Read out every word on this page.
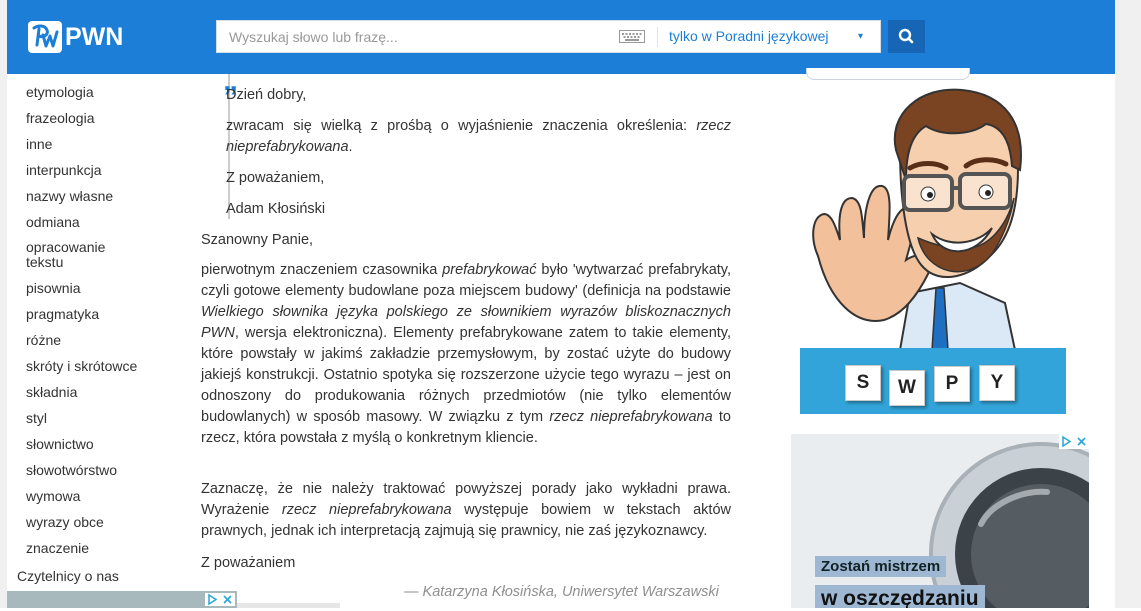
PWN
Wyszukaj słowo lub frazę...	tylko w Poradni językowej	▾
etymologia
frazeologia
inne
interpunkcja
nazwy własne
odmiana
opracowanie tekstu
pisownia
pragmatyka
różne
skróty i skrótowce
składnia
styl
słownictwo
słowotwórstwo
wymowa
wyrazy obce
znaczenie
Czytelnicy o nas
„
Dzień dobry,
zwracam się wielką z prośbą o wyjaśnienie znaczenia określenia: rzecz nieprefabrykowana.
Z poważaniem,
Adam Kłosiński
Szanowny Panie,
pierwotnym znaczeniem czasownika prefabrykować było 'wytwarzać prefabrykaty, czyli gotowe elementy budowlane poza miejscem budowy' (definicja na podstawie Wielkiego słownika języka polskiego ze słownikiem wyrazów bliskoznacznych PWN, wersja elektroniczna). Elementy prefabrykowane zatem to takie elementy, które powstały w jakimś zakładzie przemysłowym, by zostać użyte do budowy jakiejś konstrukcji. Ostatnio spotyka się rozszerzone użycie tego wyrazu – jest on odnoszony do produkowania różnych przedmiotów (nie tylko elementów budowlanych) w sposób masowy. W związku z tym rzecz nieprefabrykowana to rzecz, która powstała z myślą o konkretnym kliencie.
Zaznaczę, że nie należy traktować powyższej porady jako wykładni prawa. Wyrażenie rzecz nieprefabrykowana występuje bowiem w tekstach aktów prawnych, jednak ich interpretacją zajmują się prawnicy, nie zaś językoznawcy.
Z poważaniem
— Katarzyna Kłosińska, Uniwersytet Warszawski
S	W	P	Y
Zostań mistrzem
w oszczędzaniu
